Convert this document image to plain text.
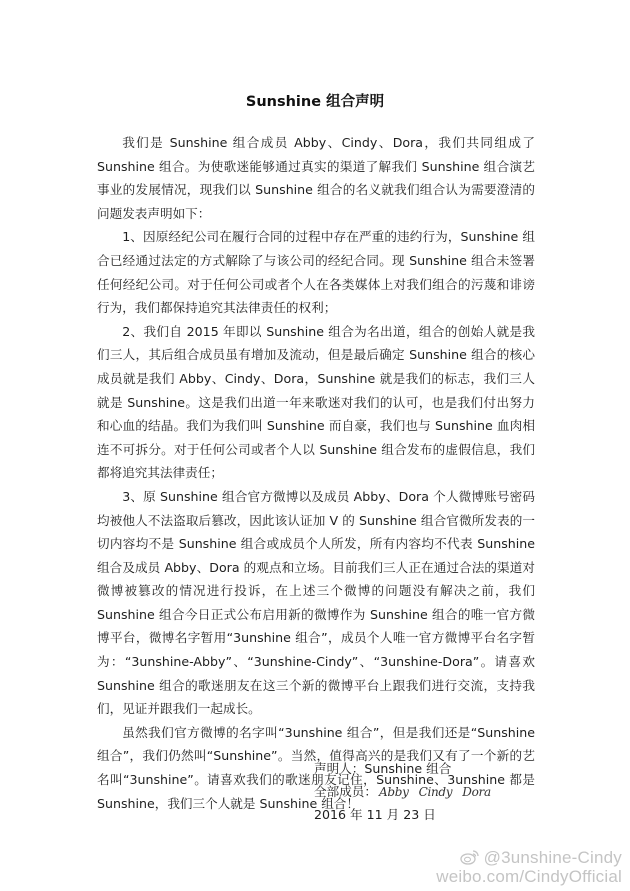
Sunshine 组合声明

我们是 Sunshine 组合成员 Abby、Cindy、Dora，我们共同组成了 Sunshine 组合。为使歌迷能够通过真实的渠道了解我们 Sunshine 组合演艺事业的发展情况，现我们以 Sunshine 组合的名义就我们组合认为需要澄清的问题发表声明如下：

1、因原经纪公司在履行合同的过程中存在严重的违约行为，Sunshine 组合已经通过法定的方式解除了与该公司的经纪合同。现 Sunshine 组合未签署任何经纪公司。对于任何公司或者个人在各类媒体上对我们组合的污蔑和诽谤行为，我们都保持追究其法律责任的权利；

2、我们自 2015 年即以 Sunshine 组合为名出道，组合的创始人就是我们三人，其后组合成员虽有增加及流动，但是最后确定 Sunshine 组合的核心成员就是我们 Abby、Cindy、Dora，Sunshine 就是我们的标志，我们三人就是 Sunshine。这是我们出道一年来歌迷对我们的认可，也是我们付出努力和心血的结晶。我们为我们叫 Sunshine 而自豪，我们也与 Sunshine 血肉相连不可拆分。对于任何公司或者个人以 Sunshine 组合发布的虚假信息，我们都将追究其法律责任；

3、原 Sunshine 组合官方微博以及成员 Abby、Dora 个人微博账号密码均被他人不法盗取后篡改，因此该认证加 V 的 Sunshine 组合官微所发表的一切内容均不是 Sunshine 组合或成员个人所发，所有内容均不代表 Sunshine 组合及成员 Abby、Dora 的观点和立场。目前我们三人正在通过合法的渠道对微博被篡改的情况进行投诉，在上述三个微博的问题没有解决之前，我们 Sunshine 组合今日正式公布启用新的微博作为 Sunshine 组合的唯一官方微博平台，微博名字暂用“3unshine 组合”，成员个人唯一官方微博平台名字暂为：“3unshine-Abby”、“3unshine-Cindy”、“3unshine-Dora”。请喜欢 Sunshine 组合的歌迷朋友在这三个新的微博平台上跟我们进行交流，支持我们，见证并跟我们一起成长。

虽然我们官方微博的名字叫“3unshine 组合”，但是我们还是“Sunshine 组合”，我们仍然叫“Sunshine”。当然，值得高兴的是我们又有了一个新的艺名叫“3unshine”。请喜欢我们的歌迷朋友记住，Sunshine、3unshine 都是 Sunshine，我们三个人就是 Sunshine 组合！

声明人：Sunshine 组合
全部成员： Abby Cindy Dora
2016 年 11 月 23 日
@3unshine-Cindy
weibo.com/CindyOfficial
